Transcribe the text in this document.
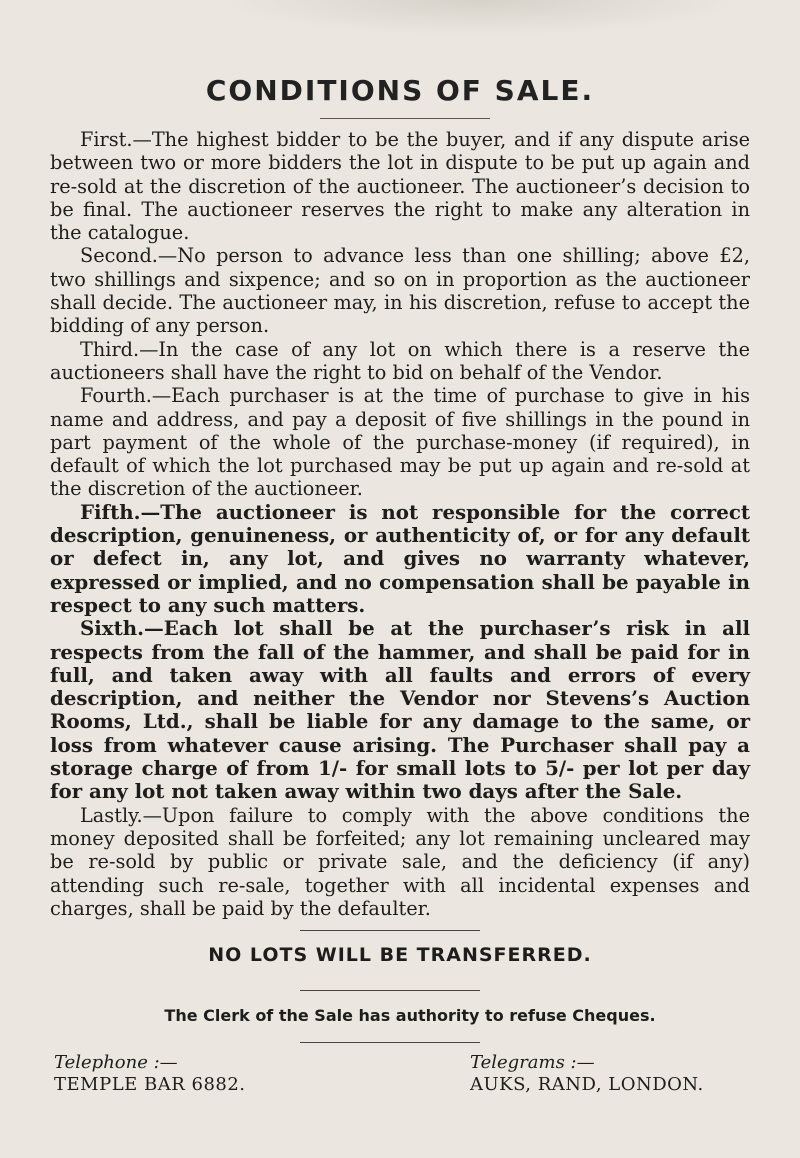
CONDITIONS OF SALE.

First.—The highest bidder to be the buyer, and if any dispute arise between two or more bidders the lot in dispute to be put up again and re-sold at the discretion of the auctioneer. The auctioneer’s decision to be final. The auctioneer reserves the right to make any alteration in the catalogue.

Second.—No person to advance less than one shilling; above £2, two shillings and sixpence; and so on in proportion as the auctioneer shall decide. The auctioneer may, in his discretion, refuse to accept the bidding of any person.

Third.—In the case of any lot on which there is a reserve the auctioneers shall have the right to bid on behalf of the Vendor.

Fourth.—Each purchaser is at the time of purchase to give in his name and address, and pay a deposit of five shillings in the pound in part payment of the whole of the purchase-money (if required), in default of which the lot purchased may be put up again and re-sold at the discretion of the auctioneer.

Fifth.—The auctioneer is not responsible for the correct description, genuineness, or authenticity of, or for any default or defect in, any lot, and gives no warranty whatever, expressed or implied, and no compensation shall be payable in respect to any such matters.

Sixth.—Each lot shall be at the purchaser’s risk in all respects from the fall of the hammer, and shall be paid for in full, and taken away with all faults and errors of every description, and neither the Vendor nor Stevens’s Auction Rooms, Ltd., shall be liable for any damage to the same, or loss from whatever cause arising. The Purchaser shall pay a storage charge of from 1/- for small lots to 5/- per lot per day for any lot not taken away within two days after the Sale.

Lastly.—Upon failure to comply with the above conditions the money deposited shall be forfeited; any lot remaining uncleared may be re-sold by public or private sale, and the deficiency (if any) attending such re-sale, together with all incidental expenses and charges, shall be paid by the defaulter.

NO LOTS WILL BE TRANSFERRED.
The Clerk of the Sale has authority to refuse Cheques.
Telephone :—
TEMPLE BAR 6882.
Telegrams :—
AUKS, RAND, LONDON.
